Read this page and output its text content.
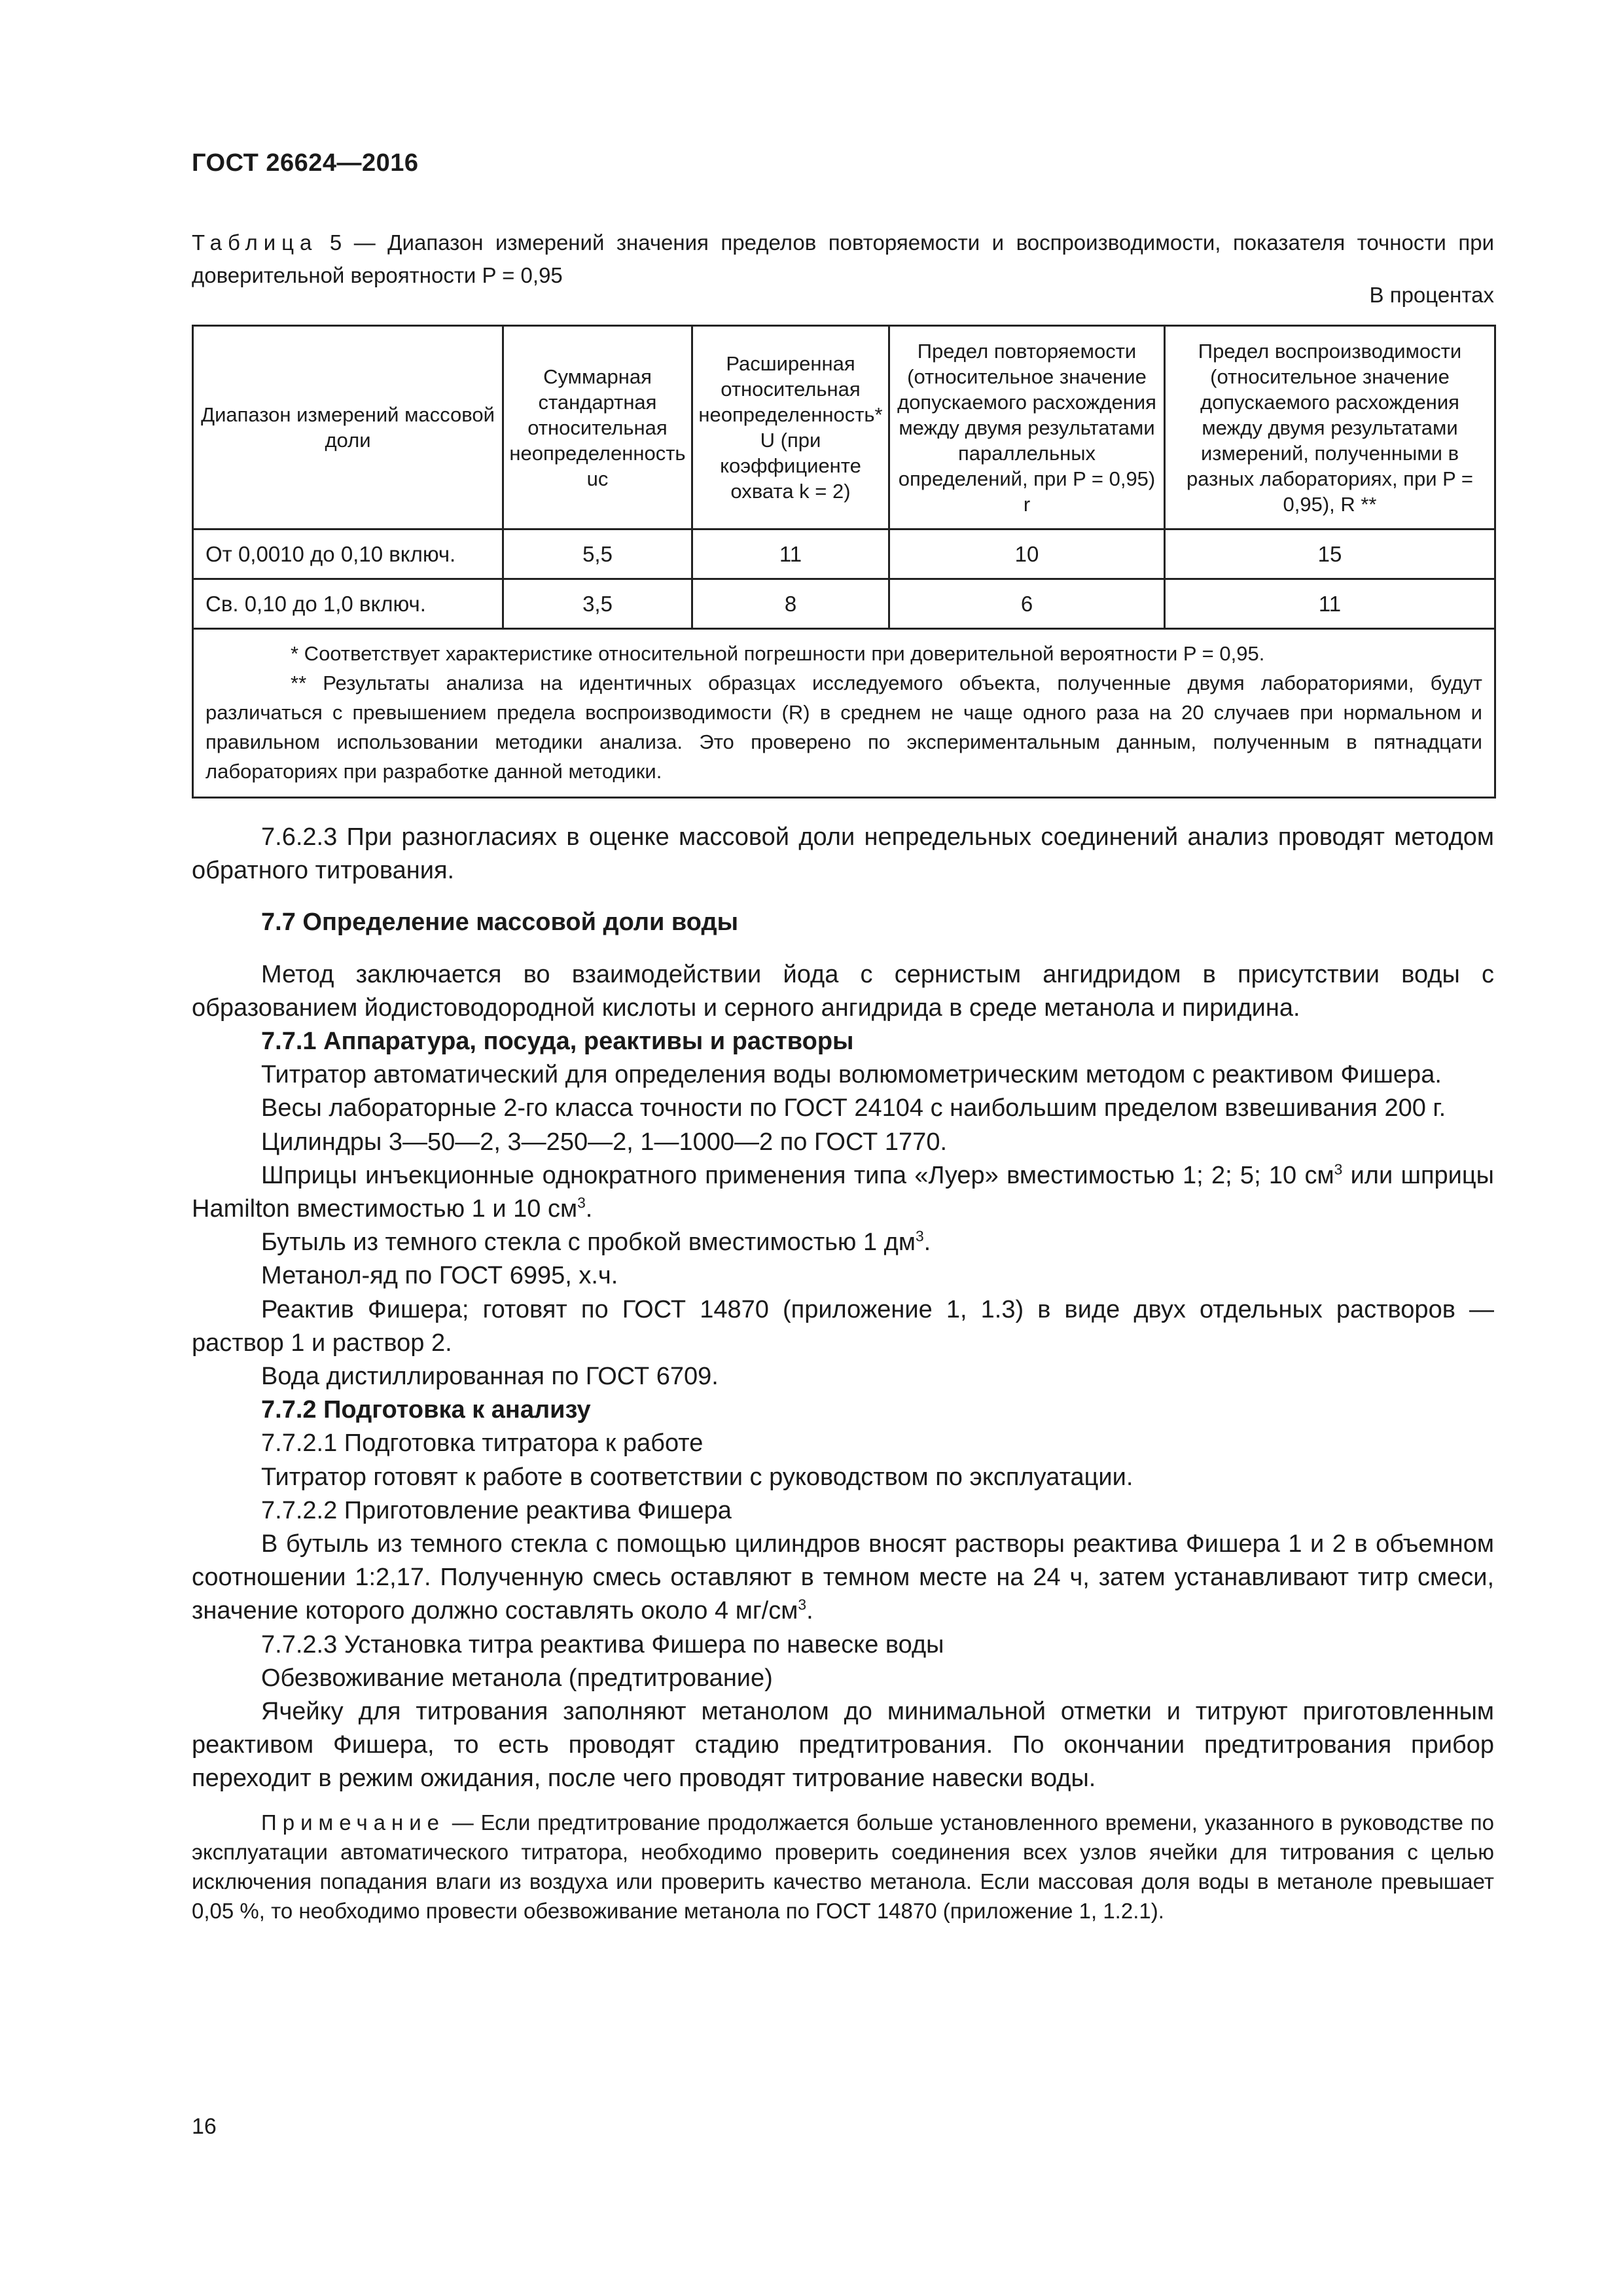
ГОСТ 26624—2016
Таблица 5 — Диапазон измерений значения пределов повторяемости и воспроизводимости, показателя точности при доверительной вероятности P = 0,95
В процентах
Диапазон измерений массовой доли	Суммарная стандартная относительная неопределенность uc	Расширенная относительная неопределенность* U (при коэффициенте охвата k = 2)	Предел повторяемости (относительное значение допускаемого расхождения между двумя результатами параллельных определений, при P = 0,95) r	Предел воспроизводимости (относительное значение допускаемого расхождения между двумя результатами измерений, полученными в разных лабораториях, при P = 0,95), R **
От 0,0010 до 0,10 включ.	5,5	11	10	15
Св. 0,10 до 1,0 включ.	3,5	8	6	11

* Соответствует характеристике относительной погрешности при доверительной вероятности P = 0,95.
** Результаты анализа на идентичных образцах исследуемого объекта, полученные двумя лабораториями, будут различаться с превышением предела воспроизводимости (R) в среднем не чаще одного раза на 20 случаев при нормальном и правильном использовании методики анализа. Это проверено по экспериментальным данным, полученным в пятнадцати лабораториях при разработке данной методики.				

7.6.2.3 При разногласиях в оценке массовой доли непредельных соединений анализ проводят методом обратного титрования.

7.7 Определение массовой доли воды

Метод заключается во взаимодействии йода с сернистым ангидридом в присутствии воды с образованием йодистоводородной кислоты и серного ангидрида в среде метанола и пиридина.

7.7.1 Аппаратура, посуда, реактивы и растворы

Титратор автоматический для определения воды волюмометрическим методом с реактивом Фишера.

Весы лабораторные 2-го класса точности по ГОСТ 24104 с наибольшим пределом взвешивания 200 г.

Цилиндры 3—50—2, 3—250—2, 1—1000—2 по ГОСТ 1770.

Шприцы инъекционные однократного применения типа «Луер» вместимостью 1; 2; 5; 10 $см^3$ или шприцы Hamilton вместимостью 1 и 10 $см^3$.

Бутыль из темного стекла с пробкой вместимостью 1 $дм^3$.

Метанол-яд по ГОСТ 6995, х.ч.

Реактив Фишера; готовят по ГОСТ 14870 (приложение 1, 1.3) в виде двух отдельных растворов — раствор 1 и раствор 2.

Вода дистиллированная по ГОСТ 6709.

7.7.2 Подготовка к анализу

7.7.2.1 Подготовка титратора к работе

Титратор готовят к работе в соответствии с руководством по эксплуатации.

7.7.2.2 Приготовление реактива Фишера

В бутыль из темного стекла с помощью цилиндров вносят растворы реактива Фишера 1 и 2 в объемном соотношении 1:2,17. Полученную смесь оставляют в темном месте на 24 ч, затем устанавливают титр смеси, значение которого должно составлять около 4 $мг/см^3$.

7.7.2.3 Установка титра реактива Фишера по навеске воды

Обезвоживание метанола (предтитрование)

Ячейку для титрования заполняют метанолом до минимальной отметки и титруют приготовленным реактивом Фишера, то есть проводят стадию предтитрования. По окончании предтитрования прибор переходит в режим ожидания, после чего проводят титрование навески воды.

Примечание — Если предтитрование продолжается больше установленного времени, указанного в руководстве по эксплуатации автоматического титратора, необходимо проверить соединения всех узлов ячейки для титрования с целью исключения попадания влаги из воздуха или проверить качество метанола. Если массовая доля воды в метаноле превышает 0,05 %, то необходимо провести обезвоживание метанола по ГОСТ 14870 (приложение 1, 1.2.1).

16
